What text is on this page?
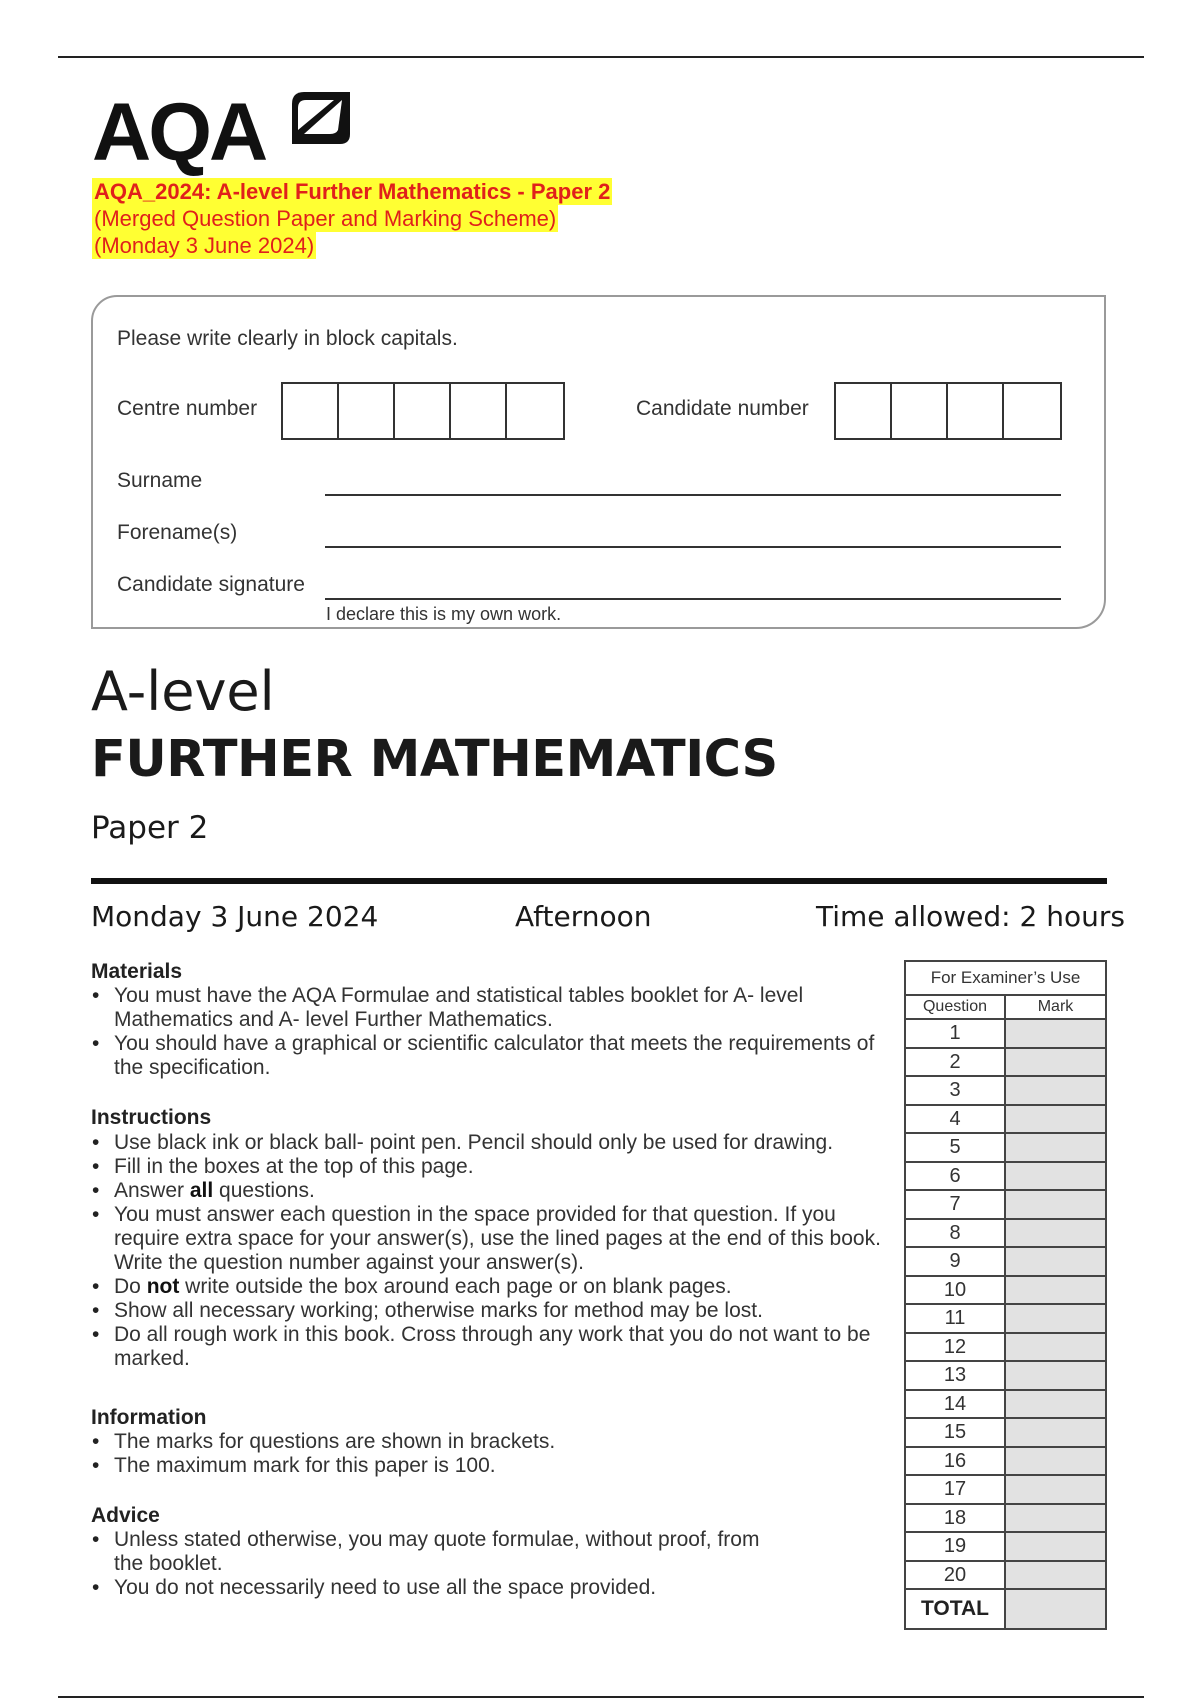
AQA
AQA_2024: A-level Further Mathematics - Paper 2
(Merged Question Paper and Marking Scheme)
(Monday 3 June 2024)
Please write clearly in block capitals.
Centre number	Candidate number
Surname
Forename(s)
Candidate signature
I declare this is my own work.
A-level
FURTHER MATHEMATICS
Paper 2
Monday 3 June 2024	Afternoon	Time allowed: 2 hours
Materials
• You must have the AQA Formulae and statistical tables booklet for A- level Mathematics and A- level Further Mathematics.
• You should have a graphical or scientific calculator that meets the requirements of the specification.
Instructions
• Use black ink or black ball- point pen. Pencil should only be used for drawing.
• Fill in the boxes at the top of this page.
• Answer all questions.
• You must answer each question in the space provided for that question. If you require extra space for your answer(s), use the lined pages at the end of this book. Write the question number against your answer(s).
• Do not write outside the box around each page or on blank pages.
• Show all necessary working; otherwise marks for method may be lost.
• Do all rough work in this book. Cross through any work that you do not want to be marked.
Information
• The marks for questions are shown in brackets.
• The maximum mark for this paper is 100.
Advice
• Unless stated otherwise, you may quote formulae, without proof, from the booklet.
• You do not necessarily need to use all the space provided.
For Examiner’s Use	
Question	Mark
1	
2	
3	
4	
5	
6	
7	
8	
9	
10	
11	
12	
13	
14	
15	
16	
17	
18	
19	
20	
TOTAL	
